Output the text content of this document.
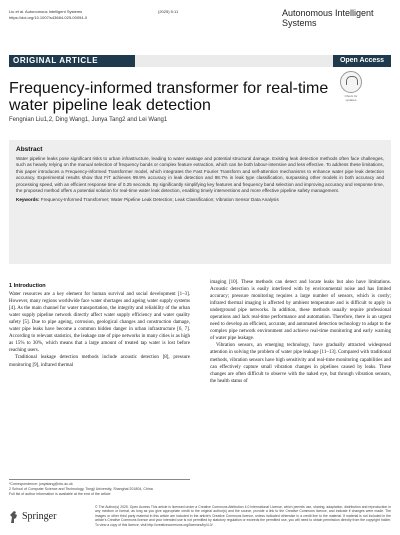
Liu et al. Autonomous Intelligent Systems
https://doi.org/10.1007/s43684-025-00094-0
(2025) 5:11	Autonomous Intelligent Systems
ORIGINAL ARTICLE	Open Access
Frequency-informed transformer for real-time water pipeline leak detection
Check for updates
Fengnian Liu1,2, Ding Wang1, Junya Tang2 and Lei Wang1
Abstract
Water pipeline leaks pose significant risks to urban infrastructure, leading to water wastage and potential structural damage. Existing leak detection methods often face challenges, such as heavily relying on the manual selection of frequency bands or complex feature extraction, which can be both labour-intensive and less effective. To address these limitations, this paper introduces a Frequency-informed Transformer model, which integrates the Fast Fourier Transform and self-attention mechanisms to enhance water pipe leak detection accuracy. Experimental results show that FiT achieves 99.9% accuracy in leak detection and 98.7% in leak type classification, surpassing other models in both accuracy and processing speed, with an efficient response time of 0.25 seconds. By significantly simplifying key features and frequency band selection and improving accuracy and response time, the proposed method offers a potential solution for real-time water leak detection, enabling timely interventions and more effective pipeline safety management.
Keywords: Frequency-Informed Transformer; Water Pipeline Leak Detection; Leak Classification; Vibration Sensor Data Analysis
1 Introduction

Water resources are a key element for human survival and social development [1–3]. However, many regions worldwide face water shortages and ageing water supply systems [4]. As the main channel for water transportation, the integrity and reliability of the urban water supply pipeline network directly affect water supply efficiency and water quality safety [5]. Due to pipe ageing, corrosion, geological changes and construction damage, water pipe leaks have become a common hidden danger in urban infrastructure [6, 7]. According to relevant statistics, the leakage rate of pipe networks in many cities is as high as 15% to 30%, which means that a large amount of treated tap water is lost before reaching users.

Traditional leakage detection methods include acoustic detection [8], pressure monitoring [9], infrared thermal

imaging [10]. These methods can detect and locate leaks but also have limitations. Acoustic detection is easily interfered with by environmental noise and has limited accuracy; pressure monitoring requires a large number of sensors, which is costly; infrared thermal imaging is affected by ambient temperature and is difficult to apply in underground pipe networks. In addition, these methods usually require professional operations and lack real-time performance and automation. Therefore, there is an urgent need to develop an efficient, accurate, and automated detection technology to adapt to the complex pipe network environment and achieve real-time monitoring and early warning of water pipe leakage.

Vibration sensors, an emerging technology, have gradually attracted widespread attention in solving the problem of water pipe leakage [11–13]. Compared with traditional methods, vibration sensors have high sensitivity and real-time monitoring capabilities and can effectively capture small vibration changes in pipelines caused by leaks. These changes are often difficult to observe with the naked eye, but through vibration sensors, the health status of

*Correspondence: junyatang@ntu.ac.uk
2 School of Computer Science and Technology, Tongji University, Shanghai 201804, China
Full list of author information is available at the end of the article
Springer
© The Author(s) 2025. Open Access This article is licensed under a Creative Commons Attribution 4.0 International License, which permits use, sharing, adaptation, distribution and reproduction in any medium or format, as long as you give appropriate credit to the original author(s) and the source, provide a link to the Creative Commons licence, and indicate if changes were made. The images or other third party material in this article are included in the article's Creative Commons licence, unless indicated otherwise in a credit line to the material. If material is not included in the article's Creative Commons licence and your intended use is not permitted by statutory regulation or exceeds the permitted use, you will need to obtain permission directly from the copyright holder. To view a copy of this licence, visit http://creativecommons.org/licenses/by/4.0/.
